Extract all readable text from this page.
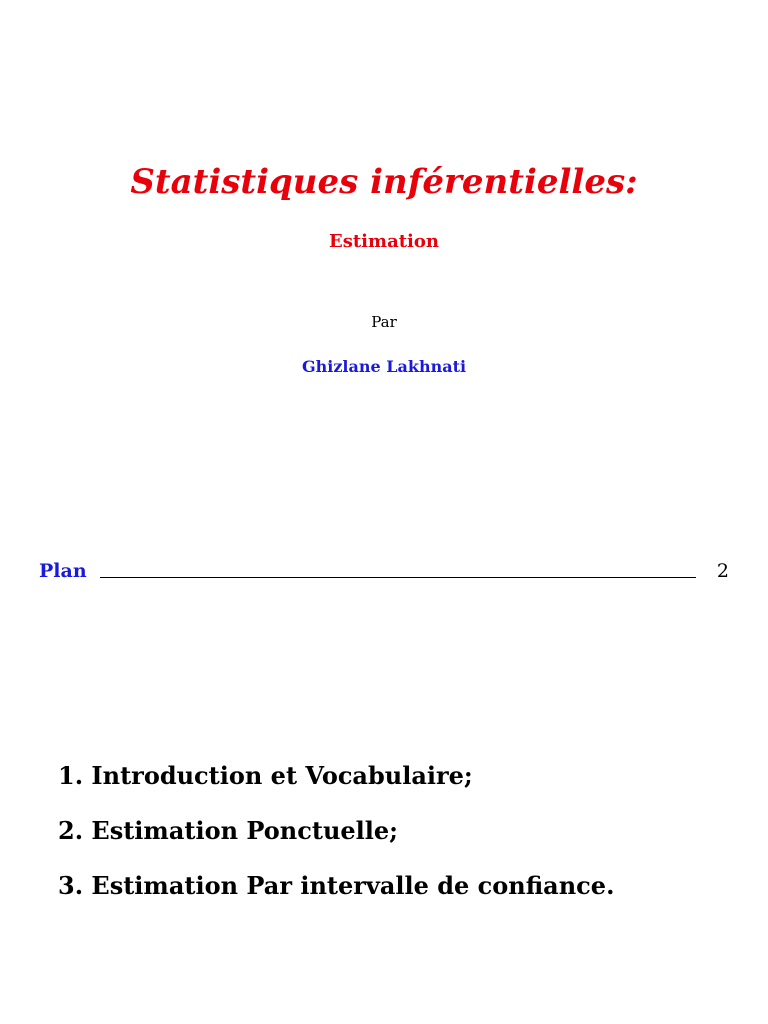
Statistiques inférentielles:
Estimation
Par
Ghizlane Lakhnati
Plan	2
1. Introduction et Vocabulaire;
2. Estimation Ponctuelle;
3. Estimation Par intervalle de confiance.
